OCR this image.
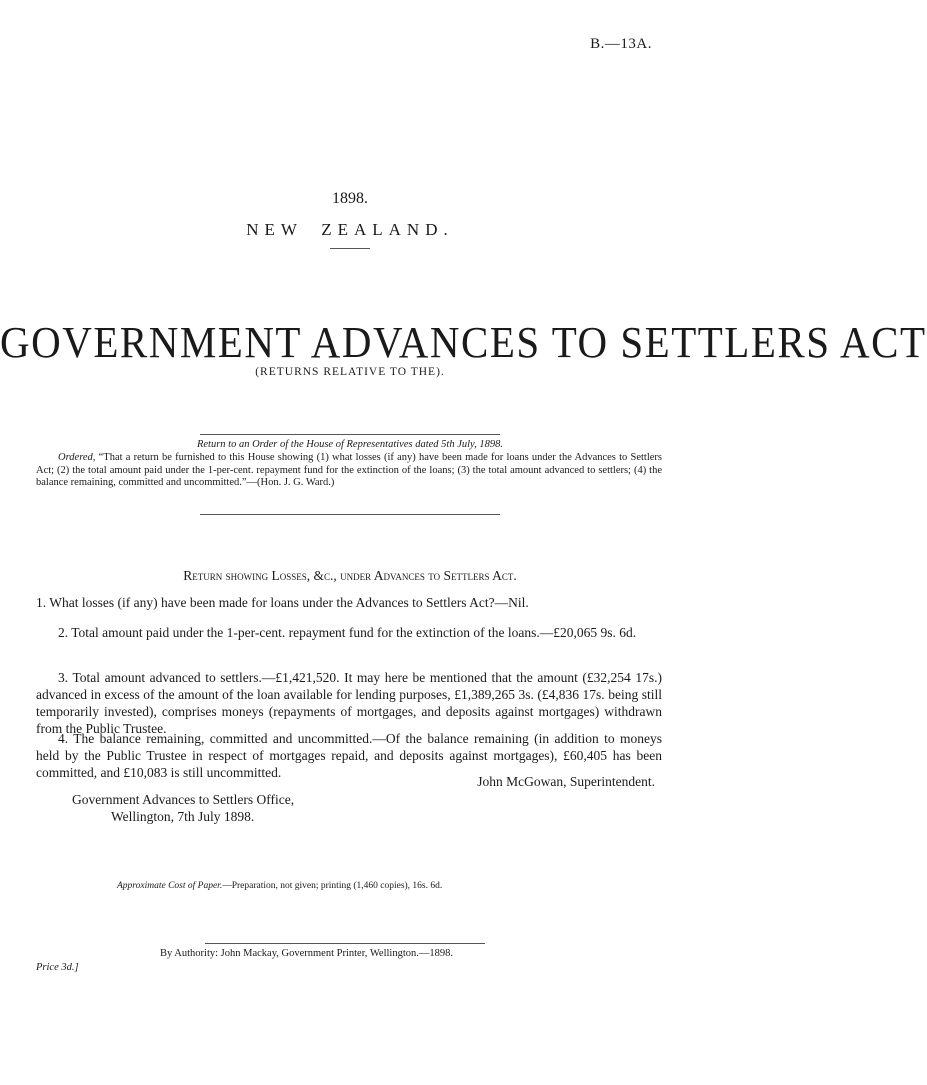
B.—13A.
1898.
NEW ZEALAND.
GOVERNMENT ADVANCES TO SETTLERS ACT
(RETURNS RELATIVE TO THE).
Return to an Order of the House of Representatives dated 5th July, 1898.
Ordered, “That a return be furnished to this House showing (1) what losses (if any) have been made for loans under the Advances to Settlers Act; (2) the total amount paid under the 1-per-cent. repayment fund for the extinction of the loans; (3) the total amount advanced to settlers; (4) the balance remaining, committed and uncommitted.”—(Hon. J. G. Ward.)
Return showing Losses, &c., under Advances to Settlers Act.
1. What losses (if any) have been made for loans under the Advances to Settlers Act?—Nil.
2. Total amount paid under the 1-per-cent. repayment fund for the extinction of the loans.—£20,065 9s. 6d.
3. Total amount advanced to settlers.—£1,421,520. It may here be mentioned that the amount (£32,254 17s.) advanced in excess of the amount of the loan available for lending purposes, £1,389,265 3s. (£4,836 17s. being still temporarily invested), comprises moneys (repayments of mortgages, and deposits against mortgages) withdrawn from the Public Trustee.
4. The balance remaining, committed and uncommitted.—Of the balance remaining (in addition to moneys held by the Public Trustee in respect of mortgages repaid, and deposits against mortgages), £60,405 has been committed, and £10,083 is still uncommitted.
John McGowan, Superintendent.
Government Advances to Settlers Office,
Wellington, 7th July 1898.
Approximate Cost of Paper.—Preparation, not given; printing (1,460 copies), 16s. 6d.
By Authority: John Mackay, Government Printer, Wellington.—1898.
Price 3d.]
